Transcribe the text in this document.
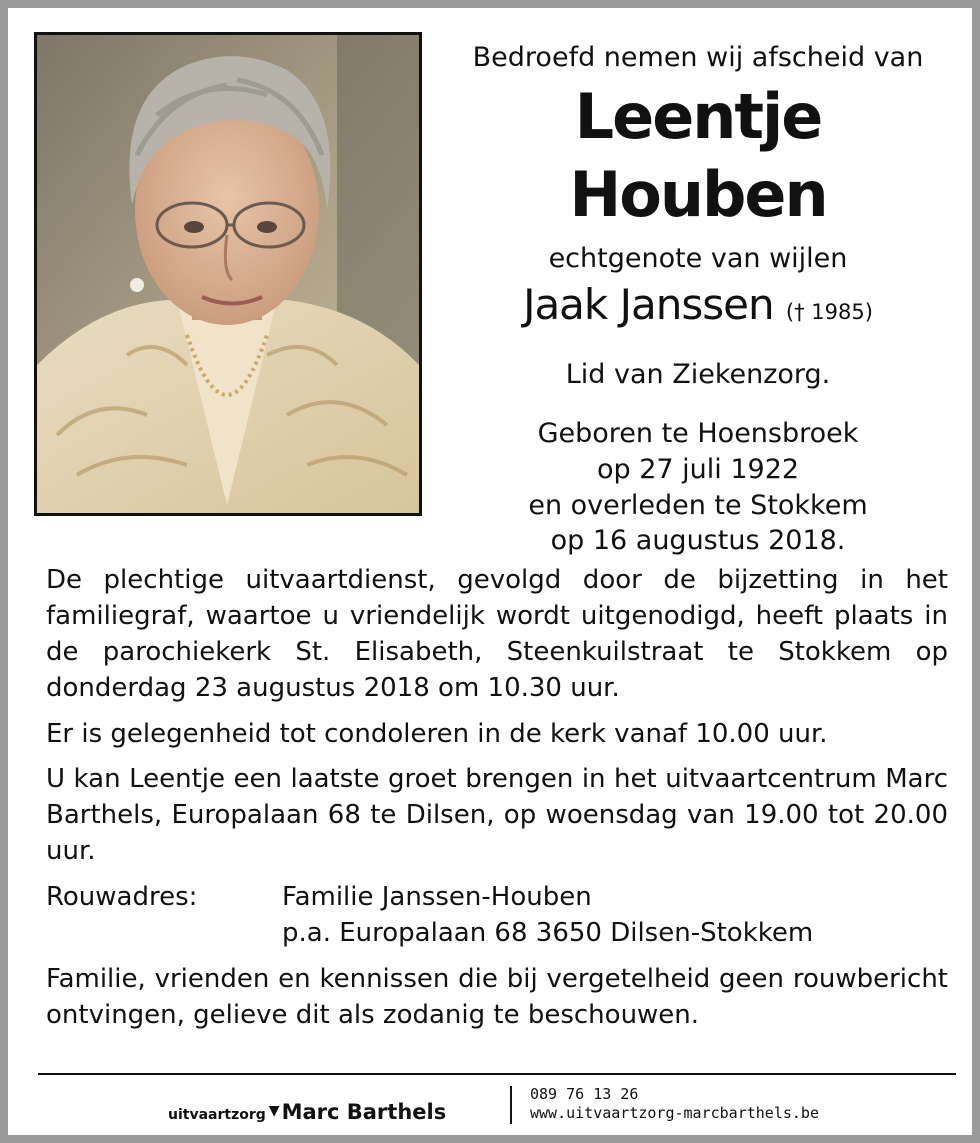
Bedroefd nemen wij afscheid van
Leentje Houben
echtgenote van wijlen
Jaak Janssen († 1985)
Lid van Ziekenzorg.
Geboren te Hoensbroek
op 27 juli 1922
en overleden te Stokkem
op 16 augustus 2018.

De plechtige uitvaartdienst, gevolgd door de bijzetting in het familiegraf, waartoe u vriendelijk wordt uitgenodigd, heeft plaats in de parochiekerk St. Elisabeth, Steenkuilstraat te Stokkem op donderdag 23 augustus 2018 om 10.30 uur.

Er is gelegenheid tot condoleren in de kerk vanaf 10.00 uur.

U kan Leentje een laatste groet brengen in het uitvaartcentrum Marc Barthels, Europalaan 68 te Dilsen, op woensdag van 19.00 tot 20.00 uur.

Rouwadres:	Familie Janssen-Houben
p.a. Europalaan 68 3650 Dilsen-Stokkem

Familie, vrienden en kennissen die bij vergetelheid geen rouwbericht ontvingen, gelieve dit als zodanig te beschouwen.

uitvaartzorg ▼Marc Barthels
089 76 13 26
www.uitvaartzorg-marcbarthels.be
